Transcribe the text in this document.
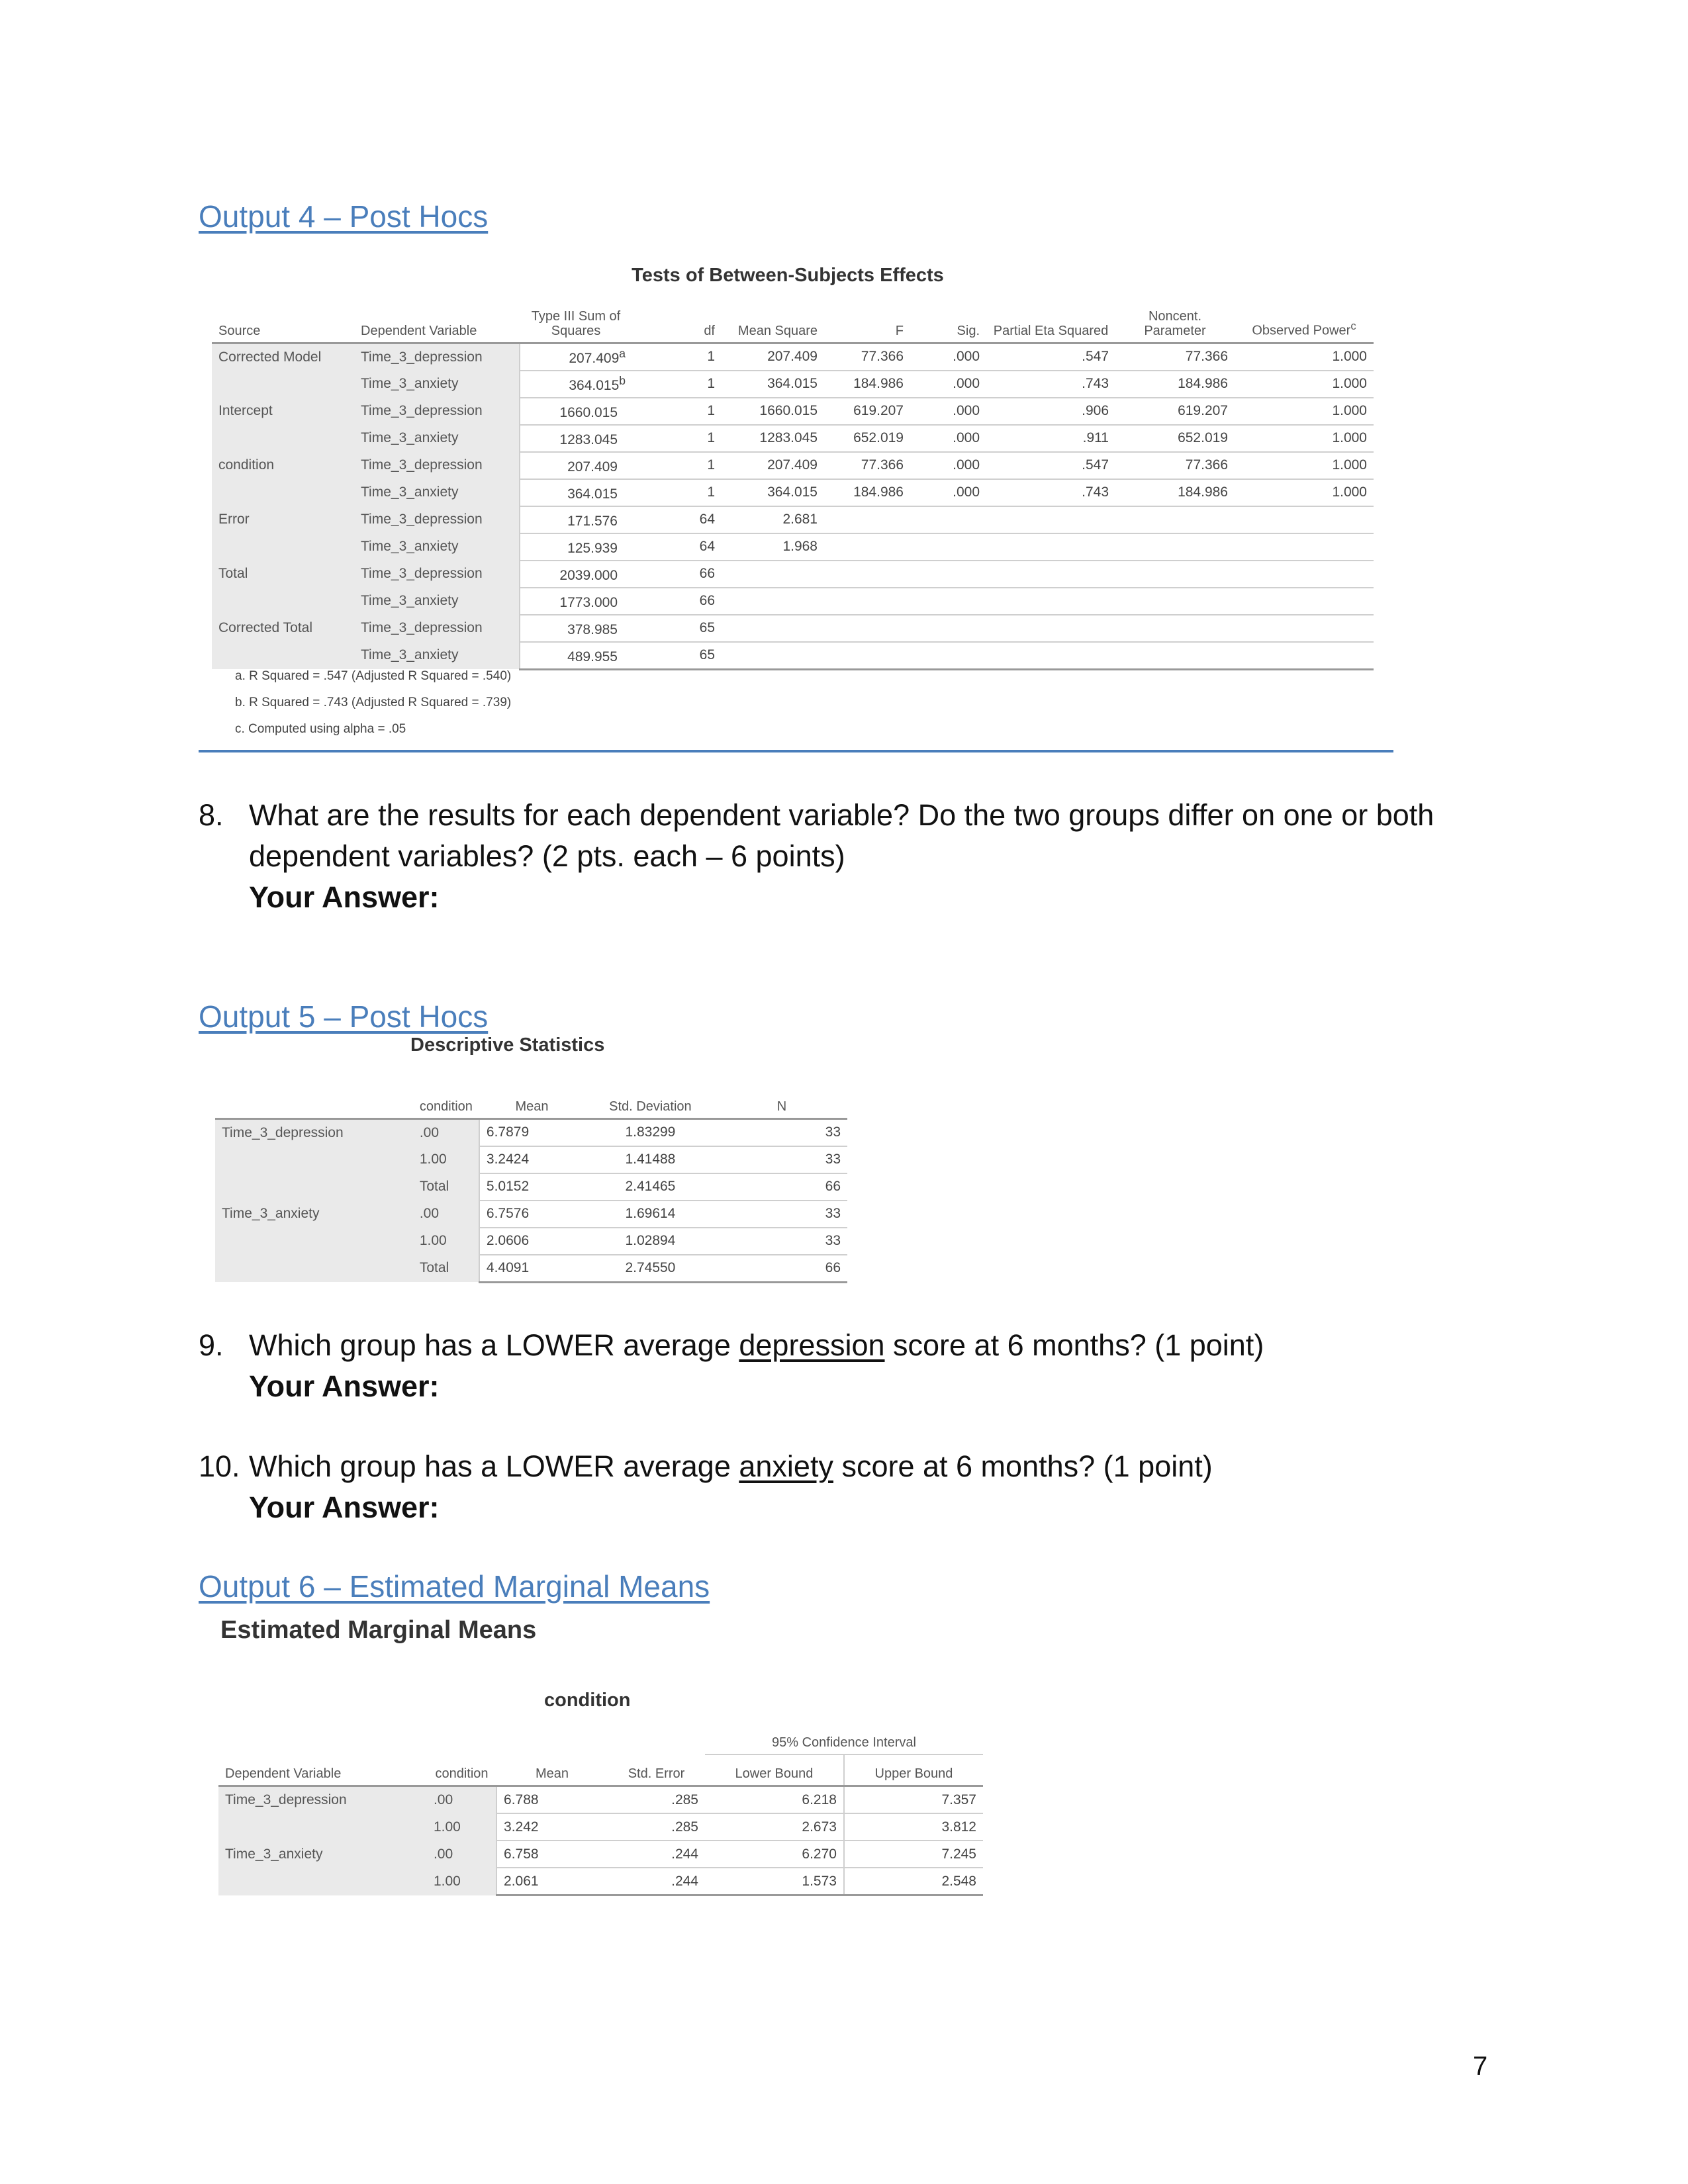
Output 4 – Post Hocs
Tests of Between-Subjects Effects
Source	Dependent Variable	Type III Sum of Squares	df	Mean Square	F	Sig.	Partial Eta Squared	Noncent. Parameter	Observed Power$^c$
Corrected Model	Time_3_depression	207.409$^a$	1	207.409	77.366	.000	.547	77.366	1.000
	Time_3_anxiety	364.015$^b$	1	364.015	184.986	.000	.743	184.986	1.000
Intercept	Time_3_depression	1660.015	1	1660.015	619.207	.000	.906	619.207	1.000
	Time_3_anxiety	1283.045	1	1283.045	652.019	.000	.911	652.019	1.000
condition	Time_3_depression	207.409	1	207.409	77.366	.000	.547	77.366	1.000
	Time_3_anxiety	364.015	1	364.015	184.986	.000	.743	184.986	1.000
Error	Time_3_depression	171.576	64	2.681					
	Time_3_anxiety	125.939	64	1.968					
Total	Time_3_depression	2039.000	66						
	Time_3_anxiety	1773.000	66						
Corrected Total	Time_3_depression	378.985	65						
	Time_3_anxiety	489.955	65						
a. R Squared = .547 (Adjusted R Squared = .540)
b. R Squared = .743 (Adjusted R Squared = .739)
c. Computed using alpha = .05
8. What are the results for each dependent variable? Do the two groups differ on one or both
dependent variables? (2 pts. each – 6 points)
Your Answer:
Output 5 – Post Hocs
Descriptive Statistics
	condition	Mean	Std. Deviation	N
Time_3_depression	.00	6.7879	1.83299	33
	1.00	3.2424	1.41488	33
	Total	5.0152	2.41465	66
Time_3_anxiety	.00	6.7576	1.69614	33
	1.00	2.0606	1.02894	33
	Total	4.4091	2.74550	66
9. Which group has a LOWER average depression score at 6 months? (1 point)
Your Answer:
10. Which group has a LOWER average anxiety score at 6 months? (1 point)
Your Answer:
Output 6 – Estimated Marginal Means
Estimated Marginal Means
condition
				95% Confidence Interval	
Dependent Variable	condition	Mean	Std. Error	Lower Bound	Upper Bound
Time_3_depression	.00	6.788	.285	6.218	7.357
	1.00	3.242	.285	2.673	3.812
Time_3_anxiety	.00	6.758	.244	6.270	7.245
	1.00	2.061	.244	1.573	2.548
7
